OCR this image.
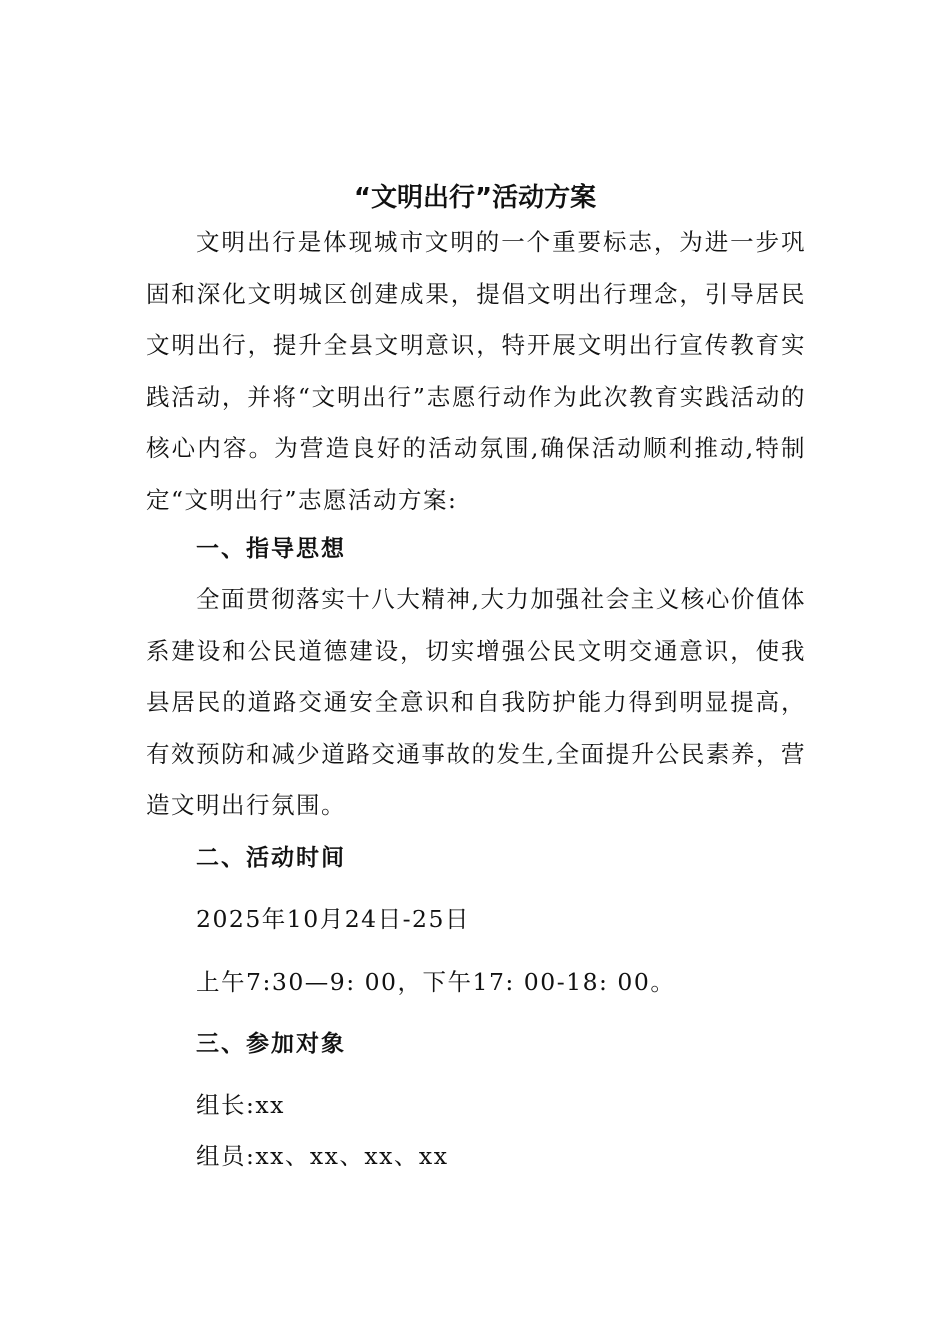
“文明出行”活动方案

文明出行是体现城市文明的一个重要标志，为进一步巩固和深化文明城区创建成果，提倡文明出行理念，引导居民文明出行，提升全县文明意识，特开展文明出行宣传教育实践活动，并将“文明出行”志愿行动作为此次教育实践活动的核心内容。为营造良好的活动氛围,确保活动顺利推动,特制定“文明出行”志愿活动方案:

一、指导思想

全面贯彻落实十八大精神,大力加强社会主义核心价值体系建设和公民道德建设，切实增强公民文明交通意识，使我县居民的道路交通安全意识和自我防护能力得到明显提高，有效预防和减少道路交通事故的发生,全面提升公民素养，营造文明出行氛围。

二、活动时间
2025年10月24日-25日
上午7:30—9: 00，下午17: 00-18: 00。
三、参加对象
组长:xx
组员:xx、xx、xx、xx
